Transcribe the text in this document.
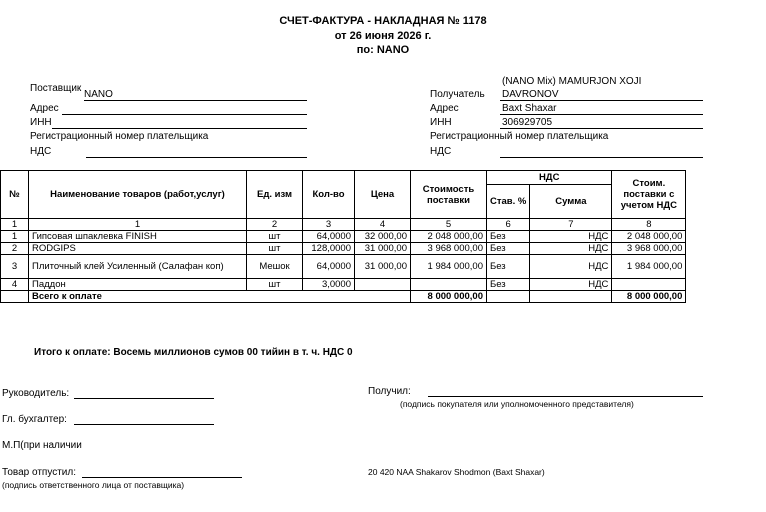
СЧЕТ-ФАКТУРА - НАКЛАДНАЯ № 1178
от 26 июня 2026 г.
по: NANO
Поставщик
NANO
Адрес
ИНН
Регистрационный номер плательщика
НДС
(NANO Mix) MAMURJON XOJI
Получатель DAVRONOV
Адрес	Baxt Shaxar
ИНН	306929705
Регистрационный номер плательщика
НДС
№	Наименование товаров (работ,услуг)	Ед. изм	Кол-во	Цена	Стоимость поставки	НДС		Стоим. поставки с учетом НДС
						Став. %	Сумма	
1	1	2	3	4	5	6	7	8
1	Гипсовая шпаклевка FINISH	шт	64,0000	32 000,00	2 048 000,00	Без	НДС	2 048 000,00
2	RODGIPS	шт	128,0000	31 000,00	3 968 000,00	Без	НДС	3 968 000,00
3	Плиточный клей Усиленный (Салафан коп)	Мешок	64,0000	31 000,00	1 984 000,00	Без	НДС	1 984 000,00
4	Паддон	шт	3,0000			Без	НДС	
	Всего к оплате				8 000 000,00			8 000 000,00
Итого к оплате: Восемь миллионов сумов 00 тийин в т. ч. НДС 0
Руководитель:
Гл. бухгалтер:
М.П(при наличии
Товар отпустил:
(подпись ответственного лица от поставщика)
Получил:
(подпись покупателя или уполномоченного представителя)
20 420 NAA Shakarov Shodmon (Baxt Shaxar)
